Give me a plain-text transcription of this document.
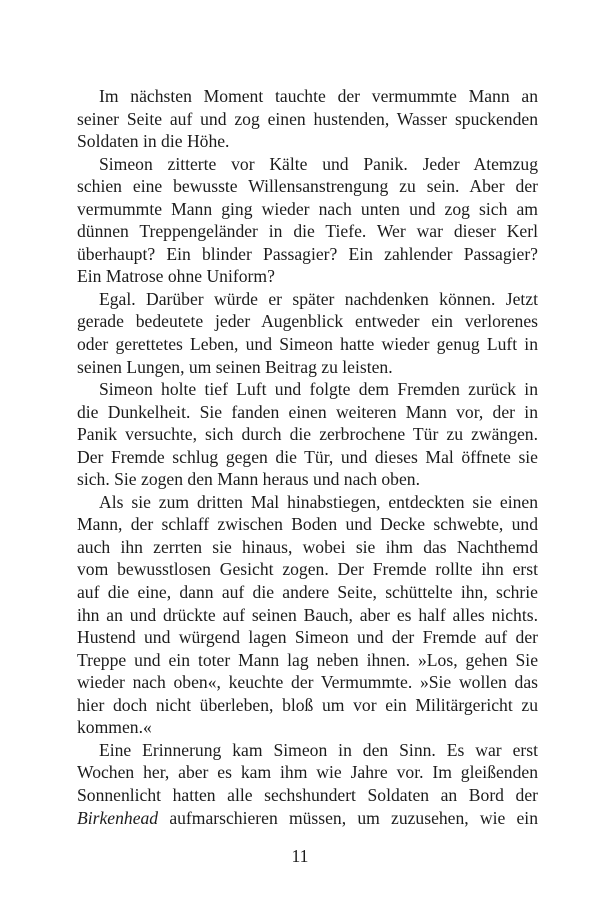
Im nächsten Moment tauchte der vermummte Mann an
seiner Seite auf und zog einen hustenden, Wasser spuckenden
Soldaten in die Höhe.
Simeon zitterte vor Kälte und Panik. Jeder Atemzug
schien eine bewusste Willensanstrengung zu sein. Aber der
vermummte Mann ging wieder nach unten und zog sich am
dünnen Treppengeländer in die Tiefe. Wer war dieser Kerl
überhaupt? Ein blinder Passagier? Ein zahlender Passagier?
Ein Matrose ohne Uniform?
Egal. Darüber würde er später nachdenken können. Jetzt
gerade bedeutete jeder Augenblick entweder ein verlorenes
oder gerettetes Leben, und Simeon hatte wieder genug Luft in
seinen Lungen, um seinen Beitrag zu leisten.
Simeon holte tief Luft und folgte dem Fremden zurück in
die Dunkelheit. Sie fanden einen weiteren Mann vor, der in
Panik versuchte, sich durch die zerbrochene Tür zu zwängen.
Der Fremde schlug gegen die Tür, und dieses Mal öffnete sie
sich. Sie zogen den Mann heraus und nach oben.
Als sie zum dritten Mal hinabstiegen, entdeckten sie einen
Mann, der schlaff zwischen Boden und Decke schwebte, und
auch ihn zerrten sie hinaus, wobei sie ihm das Nachthemd
vom bewusstlosen Gesicht zogen. Der Fremde rollte ihn erst
auf die eine, dann auf die andere Seite, schüttelte ihn, schrie
ihn an und drückte auf seinen Bauch, aber es half alles nichts.
Hustend und würgend lagen Simeon und der Fremde auf der
Treppe und ein toter Mann lag neben ihnen. »Los, gehen Sie
wieder nach oben«, keuchte der Vermummte. »Sie wollen das
hier doch nicht überleben, bloß um vor ein Militärgericht zu
kommen.«
Eine Erinnerung kam Simeon in den Sinn. Es war erst
Wochen her, aber es kam ihm wie Jahre vor. Im gleißenden
Sonnenlicht hatten alle sechshundert Soldaten an Bord der
Birkenhead aufmarschieren müssen, um zuzusehen, wie ein
11
